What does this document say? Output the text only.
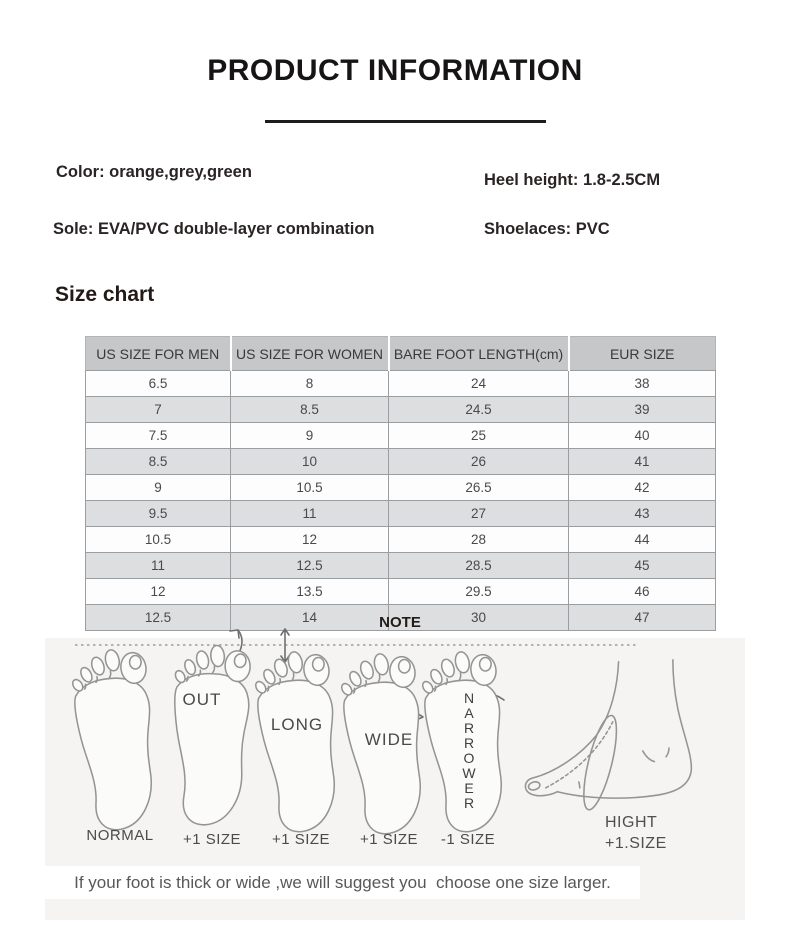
PRODUCT INFORMATION
Color: orange,grey,green	Heel height: 1.8-2.5CM
Sole: EVA/PVC double-layer combination	Shoelaces: PVC
Size chart
US SIZE FOR MEN	US SIZE FOR WOMEN	BARE FOOT LENGTH(cm)	EUR SIZE
6.5	8	24	38
7	8.5	24.5	39
7.5	9	25	40
8.5	10	26	41
9	10.5	26.5	42
9.5	11	27	43
10.5	12	28	44
11	12.5	28.5	45
12	13.5	29.5	46
12.5	14	30	47
NOTE
OUT
LONG
WIDE	NARROWER
NORMAL +1 SIZE +1 SIZE +1 SIZE -1 SIZE
HIGHT
+1.SIZE

If your foot is thick or wide ,we will suggest you  choose one size larger.
